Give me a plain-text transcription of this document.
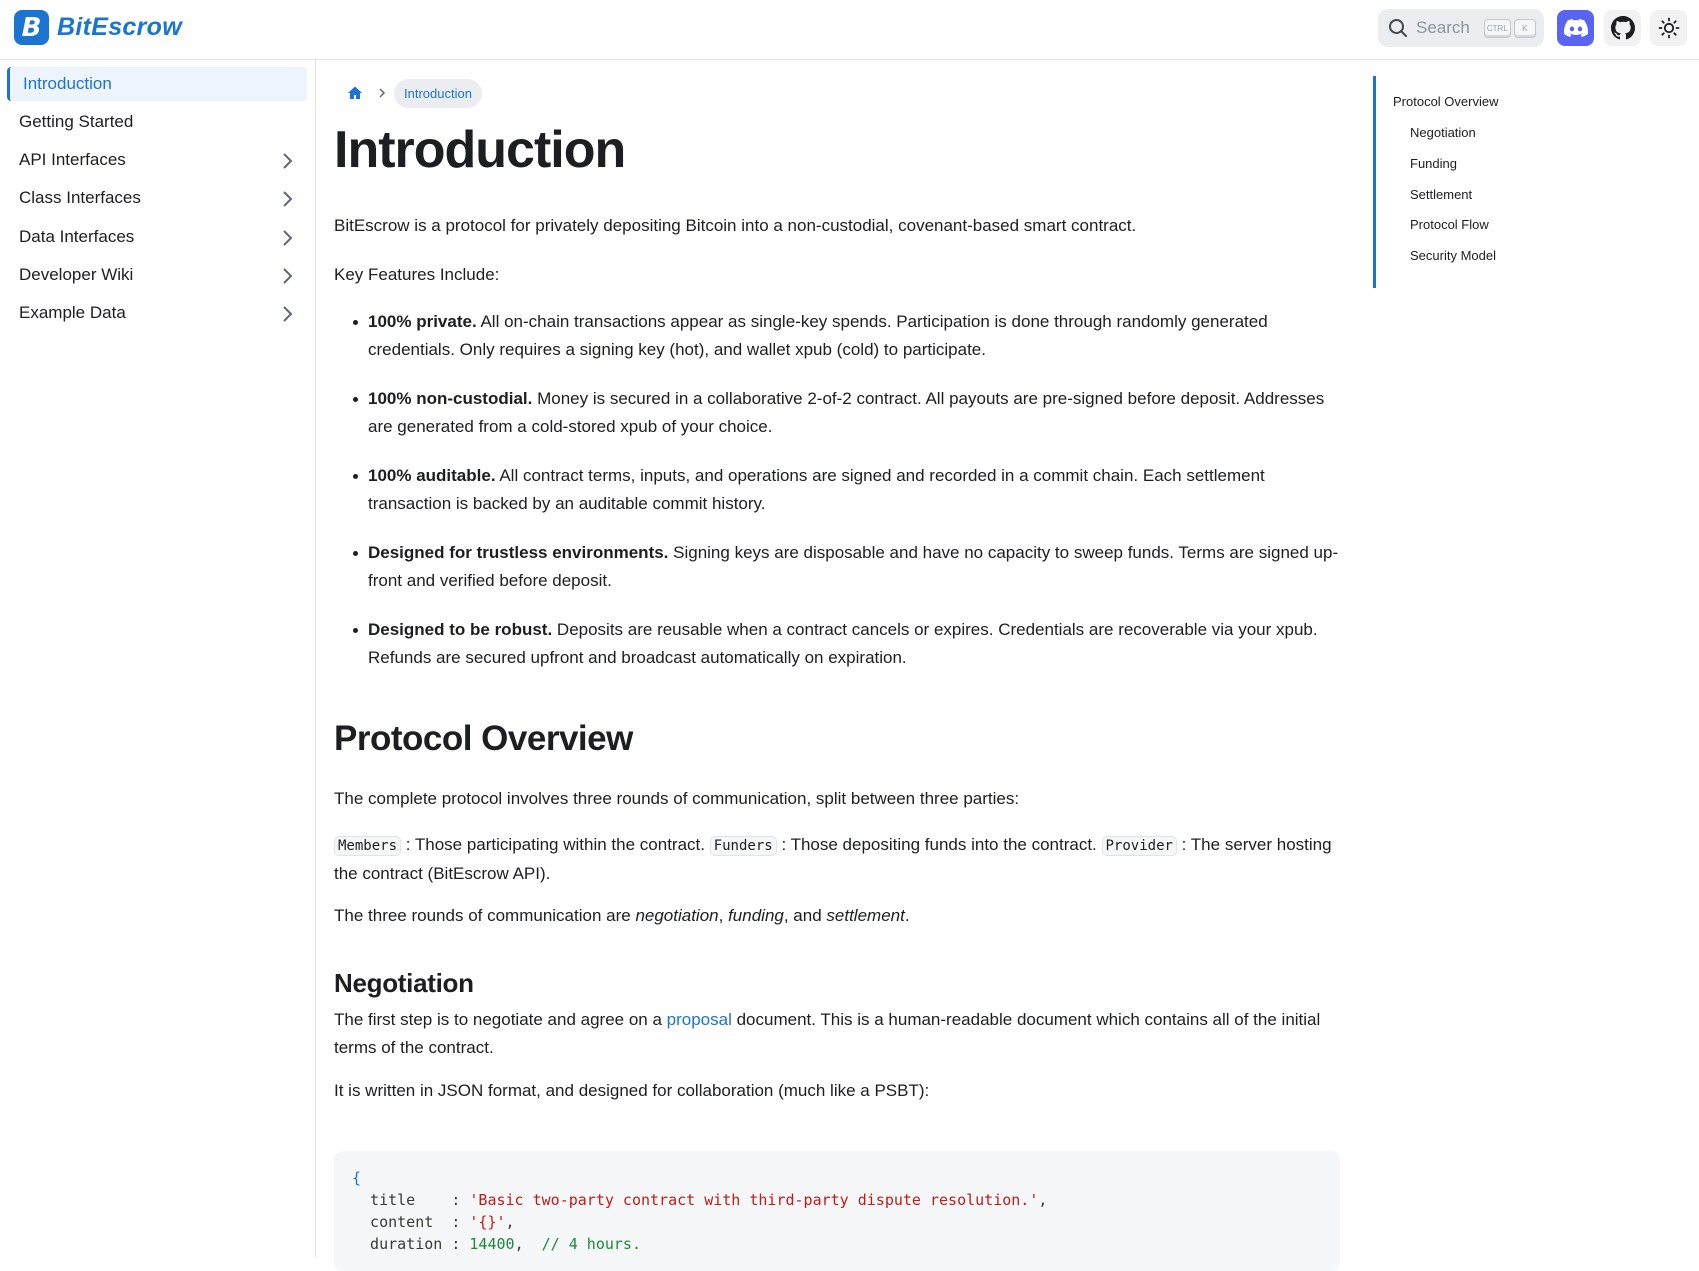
B BitEscrow	Search	CTRL	K
Introduction
Getting Started
API Interfaces
Class Interfaces
Data Interfaces
Developer Wiki
Example Data
Introduction
Introduction

BitEscrow is a protocol for privately depositing Bitcoin into a non-custodial, covenant-based smart contract.

Key Features Include:

100% private. All on-chain transactions appear as single-key spends. Participation is done through randomly generated credentials. Only requires a signing key (hot), and wallet xpub (cold) to participate.
100% non-custodial. Money is secured in a collaborative 2-of-2 contract. All payouts are pre-signed before deposit. Addresses are generated from a cold-stored xpub of your choice.
100% auditable. All contract terms, inputs, and operations are signed and recorded in a commit chain. Each settlement transaction is backed by an auditable commit history.
Designed for trustless environments. Signing keys are disposable and have no capacity to sweep funds. Terms are signed up-front and verified before deposit.
Designed to be robust. Deposits are reusable when a contract cancels or expires. Credentials are recoverable via your xpub. Refunds are secured upfront and broadcast automatically on expiration.
Protocol Overview

The complete protocol involves three rounds of communication, split between three parties:

Members : Those participating within the contract. Funders : Those depositing funds into the contract. Provider : The server hosting the contract (BitEscrow API).

The three rounds of communication are negotiation, funding, and settlement.

Negotiation

The first step is to negotiate and agree on a proposal document. This is a human-readable document which contains all of the initial terms of the contract.

It is written in JSON format, and designed for collaboration (much like a PSBT):

{
title    : 'Basic two-party contract with third-party dispute resolution.',
content  : '{}',
duration : 14400,  // 4 hours.
Protocol Overview
Negotiation
Funding
Settlement
Protocol Flow
Security Model
